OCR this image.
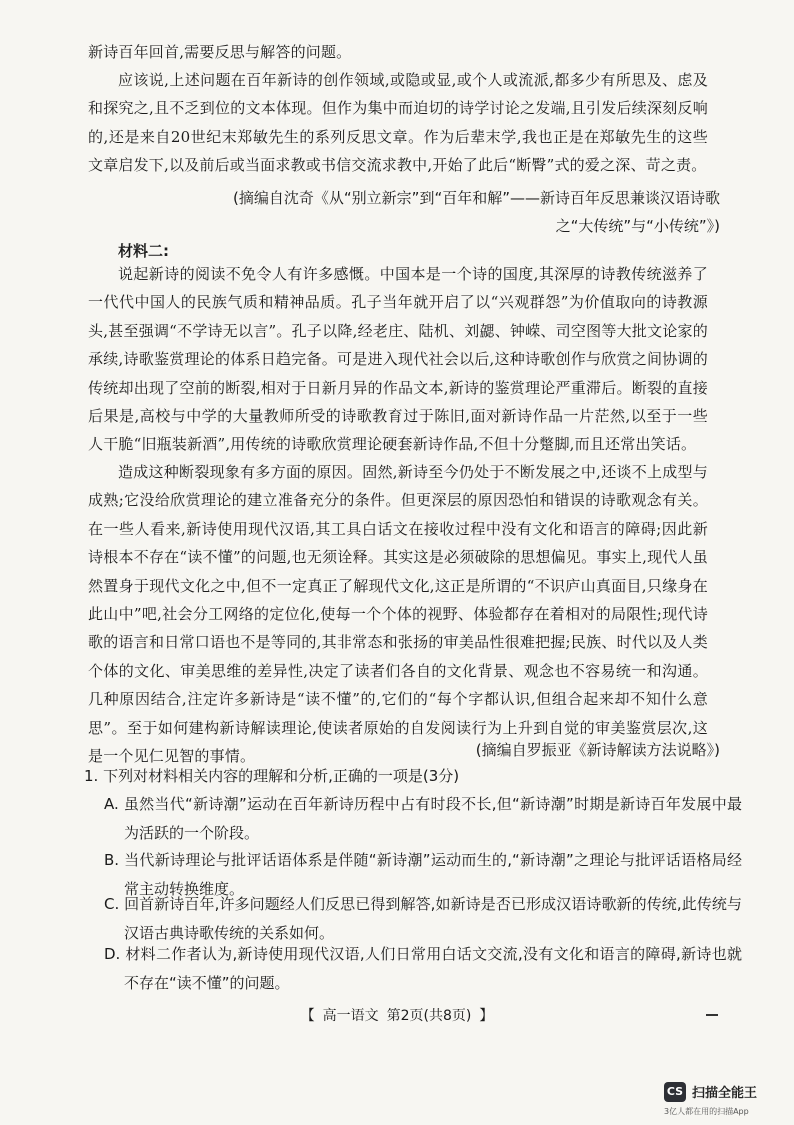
新诗百年回首,需要反思与解答的问题。

应该说,上述问题在百年新诗的创作领域,或隐或显,或个人或流派,都多少有所思及、虑及和探究之,且不乏到位的文本体现。但作为集中而迫切的诗学讨论之发端,且引发后续深刻反响的,还是来自20世纪末郑敏先生的系列反思文章。作为后辈末学,我也正是在郑敏先生的这些文章启发下,以及前后或当面求教或书信交流求教中,开始了此后“断臀”式的爱之深、苛之责。

(摘编自沈奇《从“别立新宗”到“百年和解”——新诗百年反思兼谈汉语诗歌之“大传统”与“小传统”》)

材料二:

说起新诗的阅读不免令人有许多感慨。中国本是一个诗的国度,其深厚的诗教传统滋养了一代代中国人的民族气质和精神品质。孔子当年就开启了以“兴观群怨”为价值取向的诗教源头,甚至强调“不学诗无以言”。孔子以降,经老庄、陆机、刘勰、钟嵘、司空图等大批文论家的承续,诗歌鉴赏理论的体系日趋完备。可是进入现代社会以后,这种诗歌创作与欣赏之间协调的传统却出现了空前的断裂,相对于日新月异的作品文本,新诗的鉴赏理论严重滞后。断裂的直接后果是,高校与中学的大量教师所受的诗歌教育过于陈旧,面对新诗作品一片茫然,以至于一些人干脆“旧瓶装新酒”,用传统的诗歌欣赏理论硬套新诗作品,不但十分蹩脚,而且还常出笑话。

造成这种断裂现象有多方面的原因。固然,新诗至今仍处于不断发展之中,还谈不上成型与成熟;它没给欣赏理论的建立准备充分的条件。但更深层的原因恐怕和错误的诗歌观念有关。在一些人看来,新诗使用现代汉语,其工具白话文在接收过程中没有文化和语言的障碍;因此新诗根本不存在“读不懂”的问题,也无须诠释。其实这是必须破除的思想偏见。事实上,现代人虽然置身于现代文化之中,但不一定真正了解现代文化,这正是所谓的“不识庐山真面目,只缘身在此山中”吧,社会分工网络的定位化,使每一个个体的视野、体验都存在着相对的局限性;现代诗歌的语言和日常口语也不是等同的,其非常态和张扬的审美品性很难把握;民族、时代以及人类个体的文化、审美思维的差异性,决定了读者们各自的文化背景、观念也不容易统一和沟通。几种原因结合,注定许多新诗是“读不懂”的,它们的“每个字都认识,但组合起来却不知什么意思”。至于如何建构新诗解读理论,使读者原始的自发阅读行为上升到自觉的审美鉴赏层次,这是一个见仁见智的事情。	(摘编自罗振亚《新诗解读方法说略》)

1. 下列对材料相关内容的理解和分析,正确的一项是(3分)

A. 虽然当代“新诗潮”运动在百年新诗历程中占有时段不长,但“新诗潮”时期是新诗百年发展中最为活跃的一个阶段。

B. 当代新诗理论与批评话语体系是伴随“新诗潮”运动而生的,“新诗潮”之理论与批评话语格局经常主动转换维度。

C. 回首新诗百年,许多问题经人们反思已得到解答,如新诗是否已形成汉语诗歌新的传统,此传统与汉语古典诗歌传统的关系如何。

D. 材料二作者认为,新诗使用现代汉语,人们日常用白话文交流,没有文化和语言的障碍,新诗也就不存在“读不懂”的问题。

【 高一语文 第2页(共8页) 】
CS 扫描全能王
3亿人都在用的扫描App
